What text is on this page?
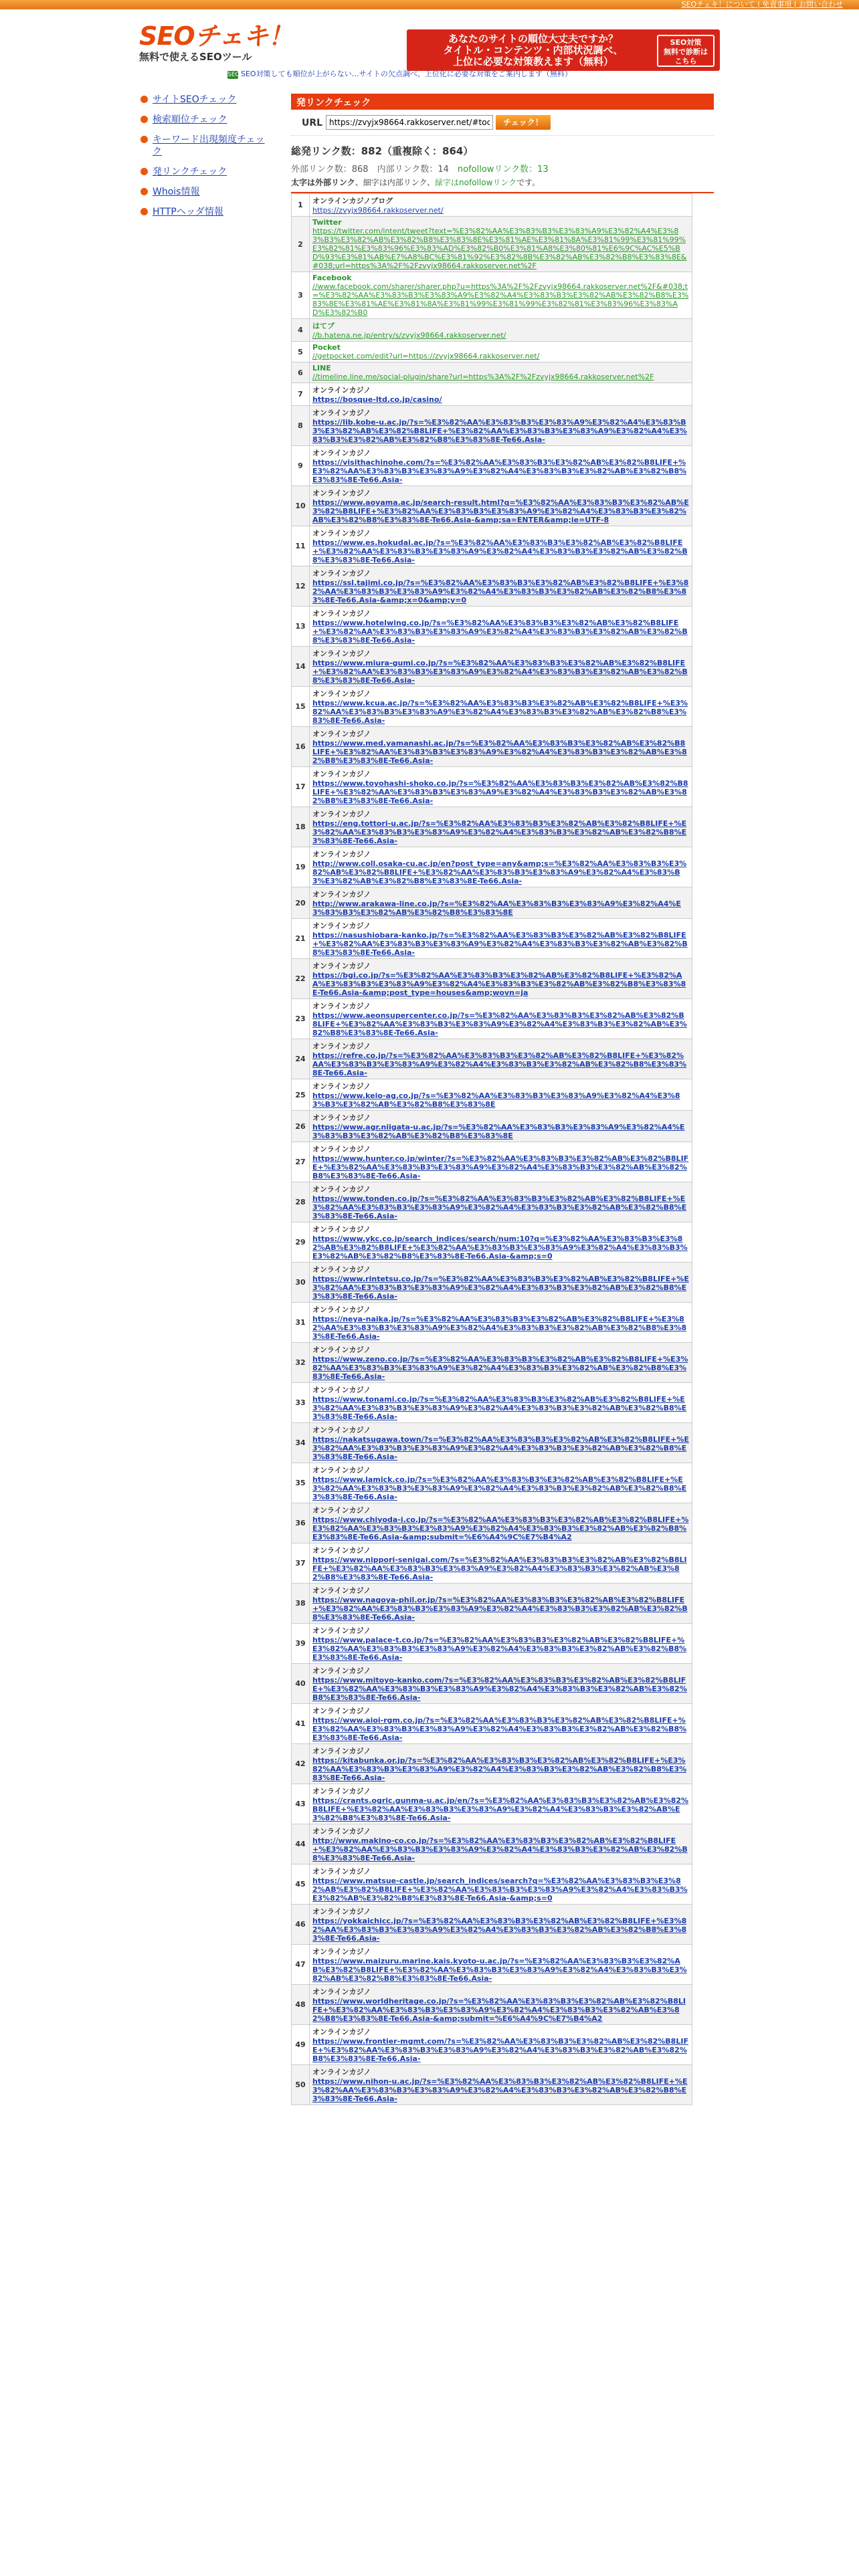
SEOチェキ！について | 免責事項 | お問い合わせ
SEOチェキ！
無料で使えるSEOツール
あなたのサイトの順位大丈夫ですか？
タイトル・コンテンツ・内部状況調べ、
上位に必要な対策教えます（無料）
SEO対策
無料で診断は
こちら
SEO SEO対策しても順位が上がらない…サイトの欠点調べ、上位化に必要な対策をご案内します（無料）
サイトSEOチェック
検索順位チェック
キーワード出現頻度チェック
発リンクチェック
Whois情報
HTTPヘッダ情報
発リンクチェック
URL
https://zvyjx98664.rakkoserver.net/#toc1	チェック！
総発リンク数：882（重複除く：864）
外部リンク数：868　 内部リンク数：14　 nofollowリンク数：13
太字は外部リンク、細字は内部リンク、緑字はnofollowリンクです。
1	オンラインカジノブログ
https://zvyjx98664.rakkoserver.net/

2	Twitter
https://twitter.com/intent/tweet?text=%E3%82%AA%E3%83%B3%E3%83%A9%E3%82%A4%E3%83%B3%E3%82%AB%E3%82%B8%E3%83%8E%E3%81%AE%E3%81%8A%E3%81%99%E3%81%99%E3%82%81%E3%83%96%E3%83%AD%E3%82%B0%E3%81%A8%E3%80%81%E6%9C%AC%E5%BD%93%E3%81%AB%E7%A8%BC%E3%81%92%E3%82%8B%E3%82%AB%E3%82%B8%E3%83%8E&#038;url=https%3A%2F%2Fzvyjx98664.rakkoserver.net%2F

3	Facebook
//www.facebook.com/sharer/sharer.php?u=https%3A%2F%2Fzvyjx98664.rakkoserver.net%2F&#038;t=%E3%82%AA%E3%83%B3%E3%83%A9%E3%82%A4%E3%83%B3%E3%82%AB%E3%82%B8%E3%83%8E%E3%81%AE%E3%81%8A%E3%81%99%E3%81%99%E3%82%81%E3%83%96%E3%83%AD%E3%82%B0

4	はてブ
//b.hatena.ne.jp/entry/s/zvyjx98664.rakkoserver.net/

5	Pocket
//getpocket.com/edit?url=https://zvyjx98664.rakkoserver.net/

6	LINE
//timeline.line.me/social-plugin/share?url=https%3A%2F%2Fzvyjx98664.rakkoserver.net%2F

7	オンラインカジノ
https://bosque-ltd.co.jp/casino/

8	オンラインカジノ
https://lib.kobe-u.ac.jp/?s=%E3%82%AA%E3%83%B3%E3%83%A9%E3%82%A4%E3%83%B3%E3%82%AB%E3%82%B8LIFE+%E3%82%AA%E3%83%B3%E3%83%A9%E3%82%A4%E3%83%B3%E3%82%AB%E3%82%B8%E3%83%8E-Te66.Asia-

9	オンラインカジノ
https://visithachinohe.com/?s=%E3%82%AA%E3%83%B3%E3%82%AB%E3%82%B8LIFE+%E3%82%AA%E3%83%B3%E3%83%A9%E3%82%A4%E3%83%B3%E3%82%AB%E3%82%B8%E3%83%8E-Te66.Asia-

10	オンラインカジノ
https://www.aoyama.ac.jp/search-result.html?q=%E3%82%AA%E3%83%B3%E3%82%AB%E3%82%B8LIFE+%E3%82%AA%E3%83%B3%E3%83%A9%E3%82%A4%E3%83%B3%E3%82%AB%E3%82%B8%E3%83%8E-Te66.Asia-&amp;sa=ENTER&amp;ie=UTF-8

11	オンラインカジノ
https://www.es.hokudai.ac.jp/?s=%E3%82%AA%E3%83%B3%E3%82%AB%E3%82%B8LIFE+%E3%82%AA%E3%83%B3%E3%83%A9%E3%82%A4%E3%83%B3%E3%82%AB%E3%82%B8%E3%83%8E-Te66.Asia-

12	オンラインカジノ
https://ssl.tajimi.co.jp/?s=%E3%82%AA%E3%83%B3%E3%82%AB%E3%82%B8LIFE+%E3%82%AA%E3%83%B3%E3%83%A9%E3%82%A4%E3%83%B3%E3%82%AB%E3%82%B8%E3%83%8E-Te66.Asia-&amp;x=0&amp;y=0

13	オンラインカジノ
https://www.hotelwing.co.jp/?s=%E3%82%AA%E3%83%B3%E3%82%AB%E3%82%B8LIFE+%E3%82%AA%E3%83%B3%E3%83%A9%E3%82%A4%E3%83%B3%E3%82%AB%E3%82%B8%E3%83%8E-Te66.Asia-

14	オンラインカジノ
https://www.miura-gumi.co.jp/?s=%E3%82%AA%E3%83%B3%E3%82%AB%E3%82%B8LIFE+%E3%82%AA%E3%83%B3%E3%83%A9%E3%82%A4%E3%83%B3%E3%82%AB%E3%82%B8%E3%83%8E-Te66.Asia-

15	オンラインカジノ
https://www.kcua.ac.jp/?s=%E3%82%AA%E3%83%B3%E3%82%AB%E3%82%B8LIFE+%E3%82%AA%E3%83%B3%E3%83%A9%E3%82%A4%E3%83%B3%E3%82%AB%E3%82%B8%E3%83%8E-Te66.Asia-

16	オンラインカジノ
https://www.med.yamanashi.ac.jp/?s=%E3%82%AA%E3%83%B3%E3%82%AB%E3%82%B8LIFE+%E3%82%AA%E3%83%B3%E3%83%A9%E3%82%A4%E3%83%B3%E3%82%AB%E3%82%B8%E3%83%8E-Te66.Asia-

17	オンラインカジノ
https://www.toyohashi-shoko.co.jp/?s=%E3%82%AA%E3%83%B3%E3%82%AB%E3%82%B8LIFE+%E3%82%AA%E3%83%B3%E3%83%A9%E3%82%A4%E3%83%B3%E3%82%AB%E3%82%B8%E3%83%8E-Te66.Asia-

18	オンラインカジノ
https://eng.tottori-u.ac.jp/?s=%E3%82%AA%E3%83%B3%E3%82%AB%E3%82%B8LIFE+%E3%82%AA%E3%83%B3%E3%83%A9%E3%82%A4%E3%83%B3%E3%82%AB%E3%82%B8%E3%83%8E-Te66.Asia-

19	オンラインカジノ
http://www.coll.osaka-cu.ac.jp/en?post_type=any&amp;s=%E3%82%AA%E3%83%B3%E3%82%AB%E3%82%B8LIFE+%E3%82%AA%E3%83%B3%E3%83%A9%E3%82%A4%E3%83%B3%E3%82%AB%E3%82%B8%E3%83%8E-Te66.Asia-

20	オンラインカジノ
http://www.arakawa-line.co.jp/?s=%E3%82%AA%E3%83%B3%E3%83%A9%E3%82%A4%E3%83%B3%E3%82%AB%E3%82%B8%E3%83%8E

21	オンラインカジノ
https://nasushiobara-kanko.jp/?s=%E3%82%AA%E3%83%B3%E3%82%AB%E3%82%B8LIFE+%E3%82%AA%E3%83%B3%E3%83%A9%E3%82%A4%E3%83%B3%E3%82%AB%E3%82%B8%E3%83%8E-Te66.Asia-

22	オンラインカジノ
https://bgi.co.jp/?s=%E3%82%AA%E3%83%B3%E3%82%AB%E3%82%B8LIFE+%E3%82%AA%E3%83%B3%E3%83%A9%E3%82%A4%E3%83%B3%E3%82%AB%E3%82%B8%E3%83%8E-Te66.Asia-&amp;post_type=houses&amp;wovn=ja

23	オンラインカジノ
https://www.aeonsupercenter.co.jp/?s=%E3%82%AA%E3%83%B3%E3%82%AB%E3%82%B8LIFE+%E3%82%AA%E3%83%B3%E3%83%A9%E3%82%A4%E3%83%B3%E3%82%AB%E3%82%B8%E3%83%8E-Te66.Asia-

24	オンラインカジノ
https://refre.co.jp/?s=%E3%82%AA%E3%83%B3%E3%82%AB%E3%82%B8LIFE+%E3%82%AA%E3%83%B3%E3%83%A9%E3%82%A4%E3%83%B3%E3%82%AB%E3%82%B8%E3%83%8E-Te66.Asia-

25	オンラインカジノ
https://www.keio-ag.co.jp/?s=%E3%82%AA%E3%83%B3%E3%83%A9%E3%82%A4%E3%83%B3%E3%82%AB%E3%82%B8%E3%83%8E

26	オンラインカジノ
https://www.agr.niigata-u.ac.jp/?s=%E3%82%AA%E3%83%B3%E3%83%A9%E3%82%A4%E3%83%B3%E3%82%AB%E3%82%B8%E3%83%8E

27	オンラインカジノ
https://www.hunter.co.jp/winter/?s=%E3%82%AA%E3%83%B3%E3%82%AB%E3%82%B8LIFE+%E3%82%AA%E3%83%B3%E3%83%A9%E3%82%A4%E3%83%B3%E3%82%AB%E3%82%B8%E3%83%8E-Te66.Asia-

28	オンラインカジノ
https://www.tonden.co.jp/?s=%E3%82%AA%E3%83%B3%E3%82%AB%E3%82%B8LIFE+%E3%82%AA%E3%83%B3%E3%83%A9%E3%82%A4%E3%83%B3%E3%82%AB%E3%82%B8%E3%83%8E-Te66.Asia-

29	オンラインカジノ
https://www.ykc.co.jp/search_indices/search/num:10?q=%E3%82%AA%E3%83%B3%E3%82%AB%E3%82%B8LIFE+%E3%82%AA%E3%83%B3%E3%83%A9%E3%82%A4%E3%83%B3%E3%82%AB%E3%82%B8%E3%83%8E-Te66.Asia-&amp;s=0

30	オンラインカジノ
https://www.rintetsu.co.jp/?s=%E3%82%AA%E3%83%B3%E3%82%AB%E3%82%B8LIFE+%E3%82%AA%E3%83%B3%E3%83%A9%E3%82%A4%E3%83%B3%E3%82%AB%E3%82%B8%E3%83%8E-Te66.Asia-

31	オンラインカジノ
https://neya-naika.jp/?s=%E3%82%AA%E3%83%B3%E3%82%AB%E3%82%B8LIFE+%E3%82%AA%E3%83%B3%E3%83%A9%E3%82%A4%E3%83%B3%E3%82%AB%E3%82%B8%E3%83%8E-Te66.Asia-

32	オンラインカジノ
https://www.zeno.co.jp/?s=%E3%82%AA%E3%83%B3%E3%82%AB%E3%82%B8LIFE+%E3%82%AA%E3%83%B3%E3%83%A9%E3%82%A4%E3%83%B3%E3%82%AB%E3%82%B8%E3%83%8E-Te66.Asia-

33	オンラインカジノ
https://www.tonami.co.jp/?s=%E3%82%AA%E3%83%B3%E3%82%AB%E3%82%B8LIFE+%E3%82%AA%E3%83%B3%E3%83%A9%E3%82%A4%E3%83%B3%E3%82%AB%E3%82%B8%E3%83%8E-Te66.Asia-

34	オンラインカジノ
https://nakatsugawa.town/?s=%E3%82%AA%E3%83%B3%E3%82%AB%E3%82%B8LIFE+%E3%82%AA%E3%83%B3%E3%83%A9%E3%82%A4%E3%83%B3%E3%82%AB%E3%82%B8%E3%83%8E-Te66.Asia-

35	オンラインカジノ
https://www.lamick.co.jp/?s=%E3%82%AA%E3%83%B3%E3%82%AB%E3%82%B8LIFE+%E3%82%AA%E3%83%B3%E3%83%A9%E3%82%A4%E3%83%B3%E3%82%AB%E3%82%B8%E3%83%8E-Te66.Asia-

36	オンラインカジノ
https://www.chiyoda-i.co.jp/?s=%E3%82%AA%E3%83%B3%E3%82%AB%E3%82%B8LIFE+%E3%82%AA%E3%83%B3%E3%83%A9%E3%82%A4%E3%83%B3%E3%82%AB%E3%82%B8%E3%83%8E-Te66.Asia-&amp;submit=%E6%A4%9C%E7%B4%A2

37	オンラインカジノ
https://www.nippori-senigai.com/?s=%E3%82%AA%E3%83%B3%E3%82%AB%E3%82%B8LIFE+%E3%82%AA%E3%83%B3%E3%83%A9%E3%82%A4%E3%83%B3%E3%82%AB%E3%82%B8%E3%83%8E-Te66.Asia-

38	オンラインカジノ
https://www.nagoya-phil.or.jp/?s=%E3%82%AA%E3%83%B3%E3%82%AB%E3%82%B8LIFE+%E3%82%AA%E3%83%B3%E3%83%A9%E3%82%A4%E3%83%B3%E3%82%AB%E3%82%B8%E3%83%8E-Te66.Asia-

39	オンラインカジノ
https://www.palace-t.co.jp/?s=%E3%82%AA%E3%83%B3%E3%82%AB%E3%82%B8LIFE+%E3%82%AA%E3%83%B3%E3%83%A9%E3%82%A4%E3%83%B3%E3%82%AB%E3%82%B8%E3%83%8E-Te66.Asia-

40	オンラインカジノ
https://www.mitoyo-kanko.com/?s=%E3%82%AA%E3%83%B3%E3%82%AB%E3%82%B8LIFE+%E3%82%AA%E3%83%B3%E3%83%A9%E3%82%A4%E3%83%B3%E3%82%AB%E3%82%B8%E3%83%8E-Te66.Asia-

41	オンラインカジノ
https://www.aioi-rgm.co.jp/?s=%E3%82%AA%E3%83%B3%E3%82%AB%E3%82%B8LIFE+%E3%82%AA%E3%83%B3%E3%83%A9%E3%82%A4%E3%83%B3%E3%82%AB%E3%82%B8%E3%83%8E-Te66.Asia-

42	オンラインカジノ
https://kitabunka.or.jp/?s=%E3%82%AA%E3%83%B3%E3%82%AB%E3%82%B8LIFE+%E3%82%AA%E3%83%B3%E3%83%A9%E3%82%A4%E3%83%B3%E3%82%AB%E3%82%B8%E3%83%8E-Te66.Asia-

43	オンラインカジノ
https://crants.ogric.gunma-u.ac.jp/en/?s=%E3%82%AA%E3%83%B3%E3%82%AB%E3%82%B8LIFE+%E3%82%AA%E3%83%B3%E3%83%A9%E3%82%A4%E3%83%B3%E3%82%AB%E3%82%B8%E3%83%8E-Te66.Asia-

44	オンラインカジノ
http://www.makino-co.co.jp/?s=%E3%82%AA%E3%83%B3%E3%82%AB%E3%82%B8LIFE+%E3%82%AA%E3%83%B3%E3%83%A9%E3%82%A4%E3%83%B3%E3%82%AB%E3%82%B8%E3%83%8E-Te66.Asia-

45	オンラインカジノ
https://www.matsue-castle.jp/search_indices/search?q=%E3%82%AA%E3%83%B3%E3%82%AB%E3%82%B8LIFE+%E3%82%AA%E3%83%B3%E3%83%A9%E3%82%A4%E3%83%B3%E3%82%AB%E3%82%B8%E3%83%8E-Te66.Asia-&amp;s=0

46	オンラインカジノ
https://yokkaichicc.jp/?s=%E3%82%AA%E3%83%B3%E3%82%AB%E3%82%B8LIFE+%E3%82%AA%E3%83%B3%E3%83%A9%E3%82%A4%E3%83%B3%E3%82%AB%E3%82%B8%E3%83%8E-Te66.Asia-

47	オンラインカジノ
https://www.maizuru.marine.kais.kyoto-u.ac.jp/?s=%E3%82%AA%E3%83%B3%E3%82%AB%E3%82%B8LIFE+%E3%82%AA%E3%83%B3%E3%83%A9%E3%82%A4%E3%83%B3%E3%82%AB%E3%82%B8%E3%83%8E-Te66.Asia-

48	オンラインカジノ
https://www.worldheritage.co.jp/?s=%E3%82%AA%E3%83%B3%E3%82%AB%E3%82%B8LIFE+%E3%82%AA%E3%83%B3%E3%83%A9%E3%82%A4%E3%83%B3%E3%82%AB%E3%82%B8%E3%83%8E-Te66.Asia-&amp;submit=%E6%A4%9C%E7%B4%A2

49	オンラインカジノ
https://www.frontier-mgmt.com/?s=%E3%82%AA%E3%83%B3%E3%82%AB%E3%82%B8LIFE+%E3%82%AA%E3%83%B3%E3%83%A9%E3%82%A4%E3%83%B3%E3%82%AB%E3%82%B8%E3%83%8E-Te66.Asia-

50	オンラインカジノ
https://www.nihon-u.ac.jp/?s=%E3%82%AA%E3%83%B3%E3%82%AB%E3%82%B8LIFE+%E3%82%AA%E3%83%B3%E3%83%A9%E3%82%A4%E3%83%B3%E3%82%AB%E3%82%B8%E3%83%8E-Te66.Asia-
